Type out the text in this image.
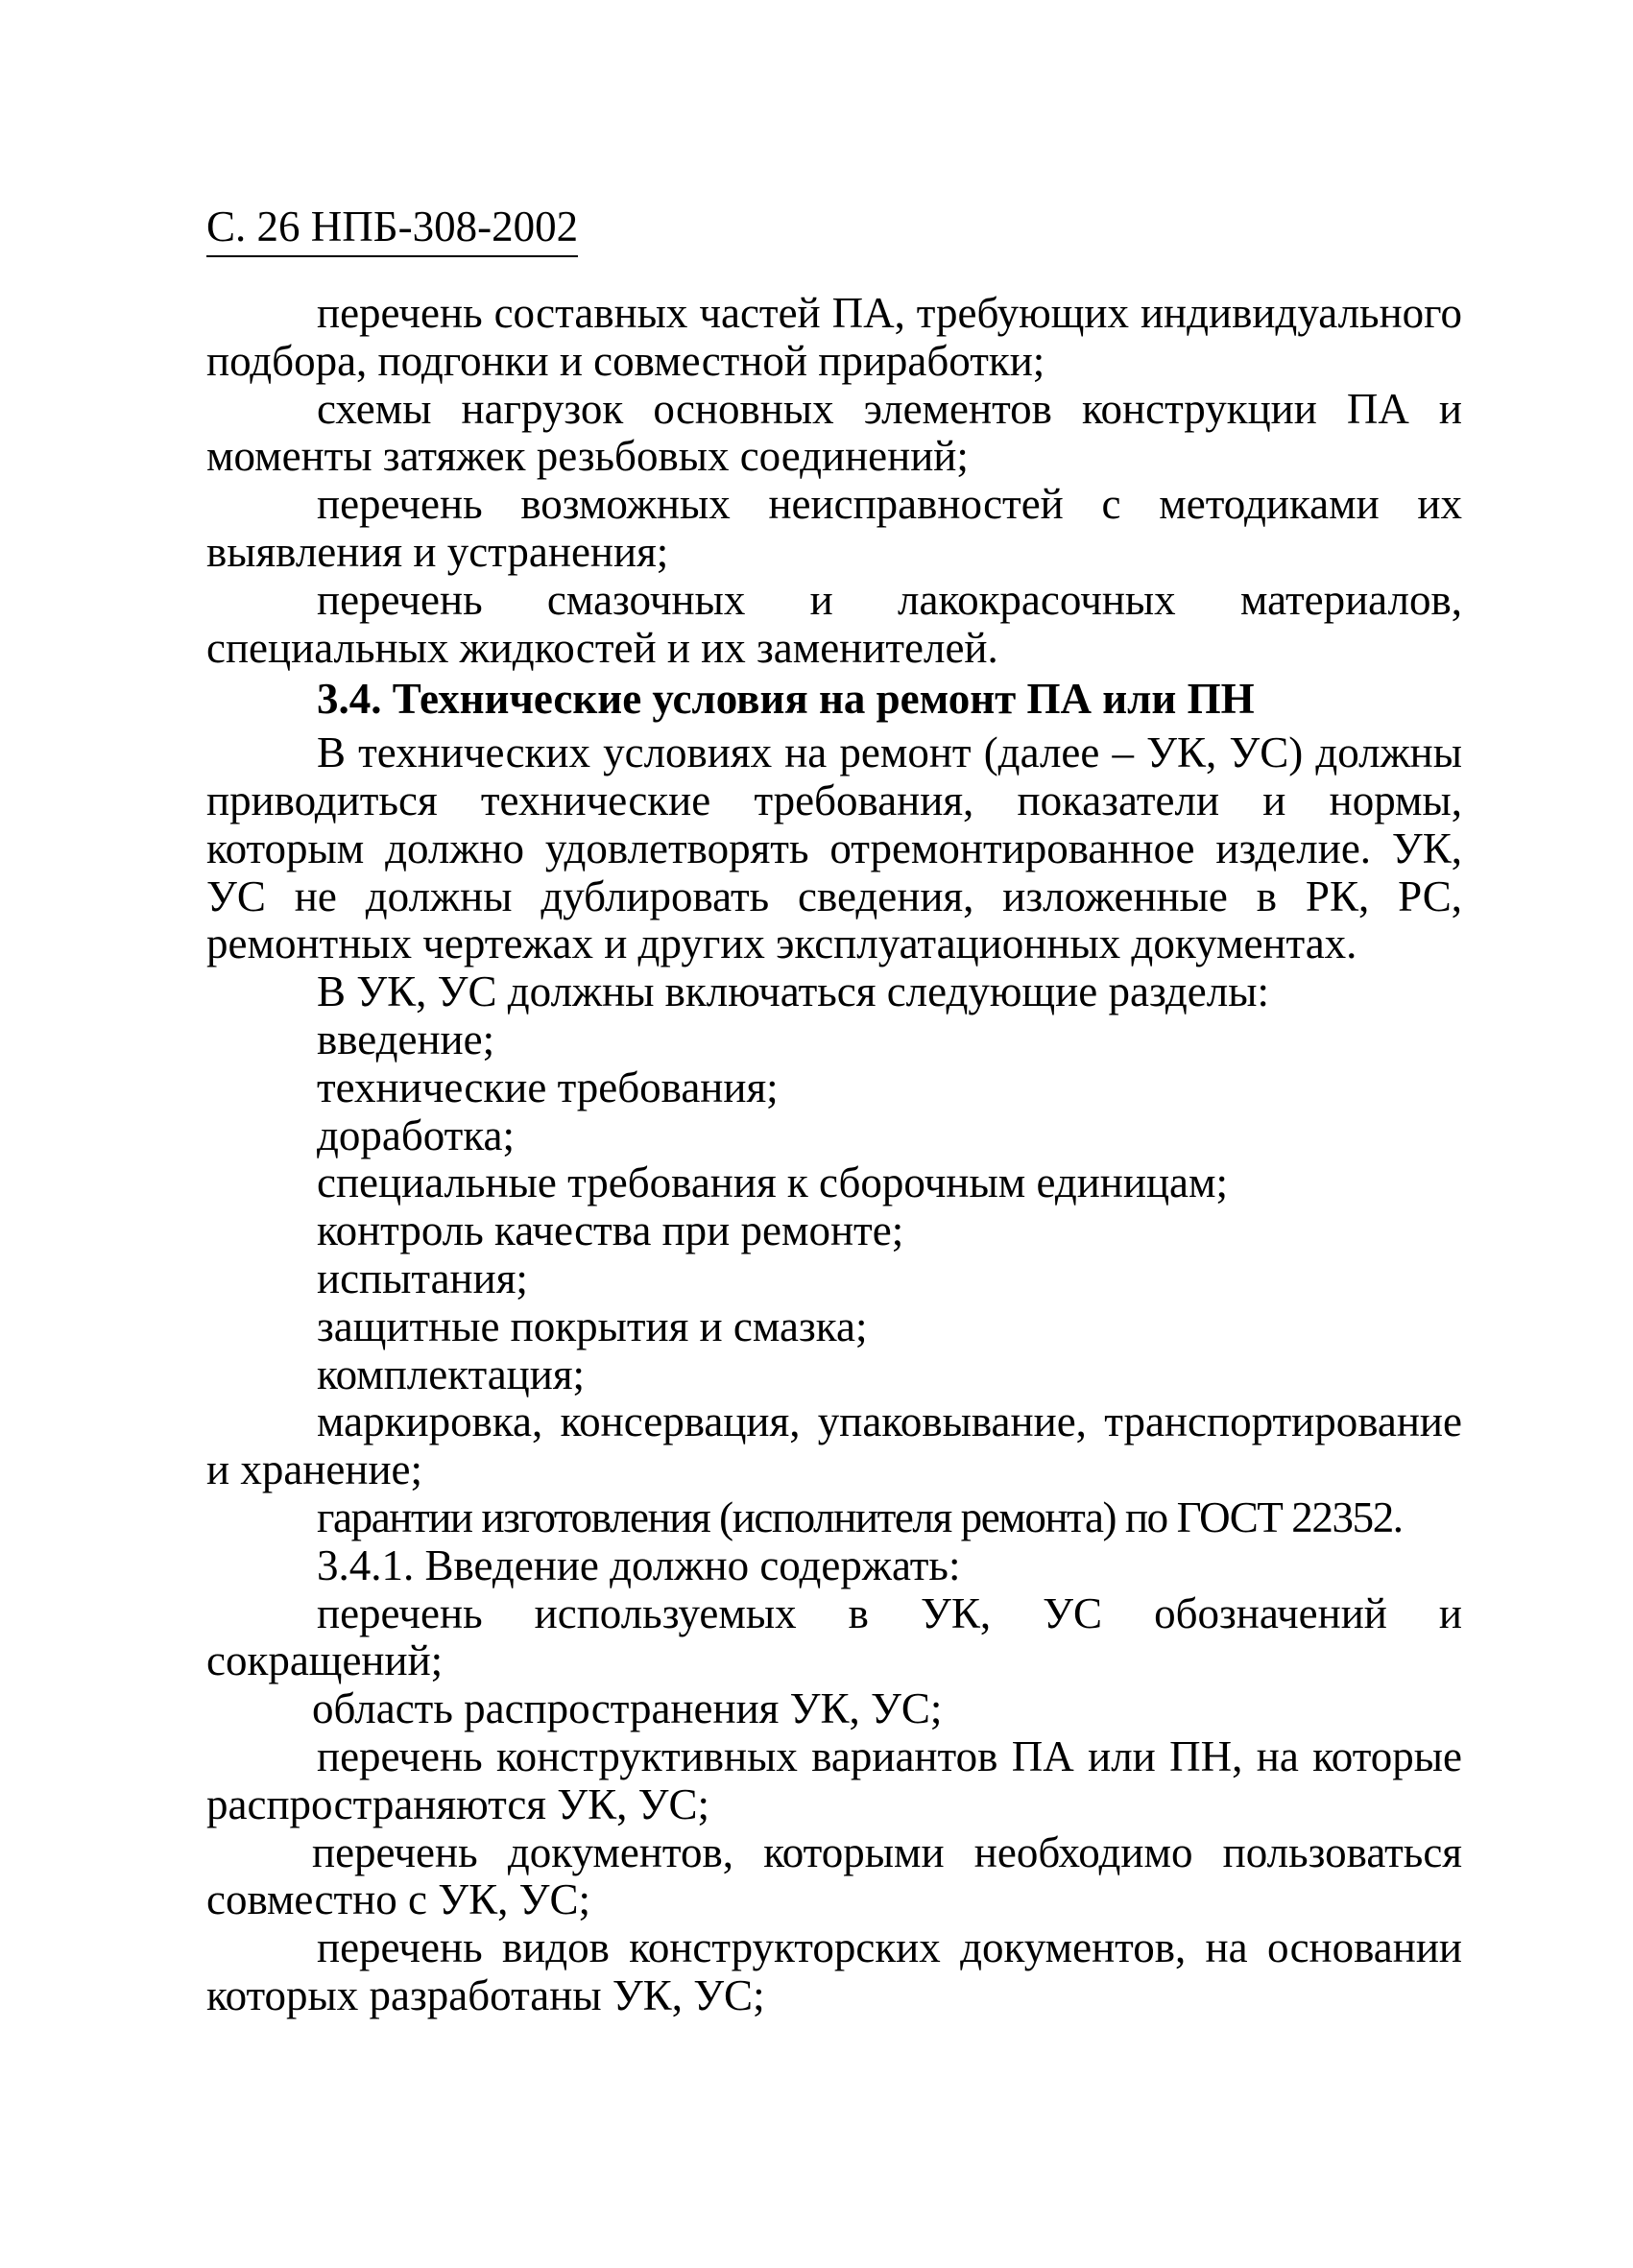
С. 26 НПБ-308-2002

перечень составных частей ПА, требующих индивидуального подбора, подгонки и совместной приработки;

схемы нагрузок основных элементов конструкции ПА и моменты затяжек резьбовых соединений;

перечень возможных неисправностей с методиками их выявления и устранения;

перечень смазочных и лакокрасочных материалов, специальных жидкостей и их заменителей.

3.4. Технические условия на ремонт ПА или ПН

В технических условиях на ремонт (далее – УК, УС) должны приводиться технические требования, показатели и нормы, которым должно удовлетворять отремонтированное изделие. УК, УС не должны дублировать сведения, изложенные в РК, РС, ремонтных чертежах и других эксплуатационных документах.

В УК, УС должны включаться следующие разделы:
введение;
технические требования;
доработка;
специальные требования к сборочным единицам;
контроль качества при ремонте;
испытания;
защитные покрытия и смазка;
комплектация;

маркировка, консервация, упаковывание, транспортирование и хранение;

гарантии изготовления (исполнителя ремонта) по ГОСТ 22352.
3.4.1. Введение должно содержать:

перечень используемых в УК, УС обозначений и сокращений;

область распространения УК, УС;

перечень конструктивных вариантов ПА или ПН, на которые распространяются УК, УС;

перечень документов, которыми необходимо пользоваться совместно с УК, УС;

перечень видов конструкторских документов, на основании которых разработаны УК, УС;
